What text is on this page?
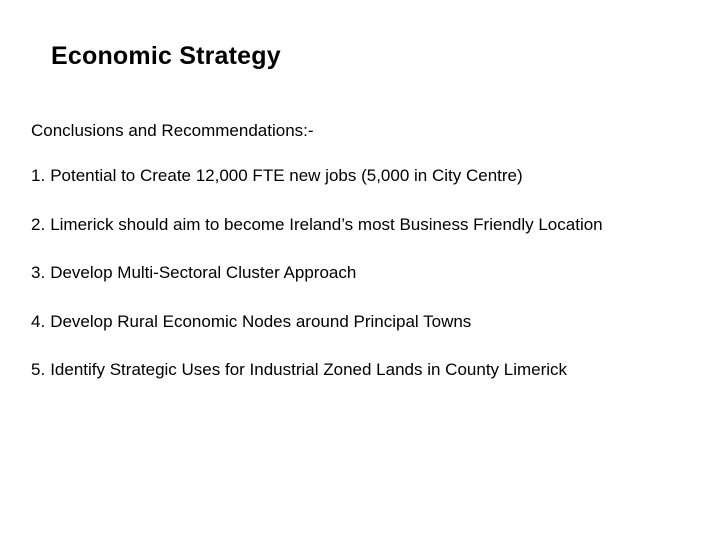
Economic Strategy
Conclusions and Recommendations:-
1. Potential to Create 12,000 FTE new jobs (5,000 in City Centre)
2. Limerick should aim to become Ireland’s most Business Friendly Location
3. Develop Multi-Sectoral Cluster Approach
4. Develop Rural Economic Nodes around Principal Towns
5. Identify Strategic Uses for Industrial Zoned Lands in County Limerick
